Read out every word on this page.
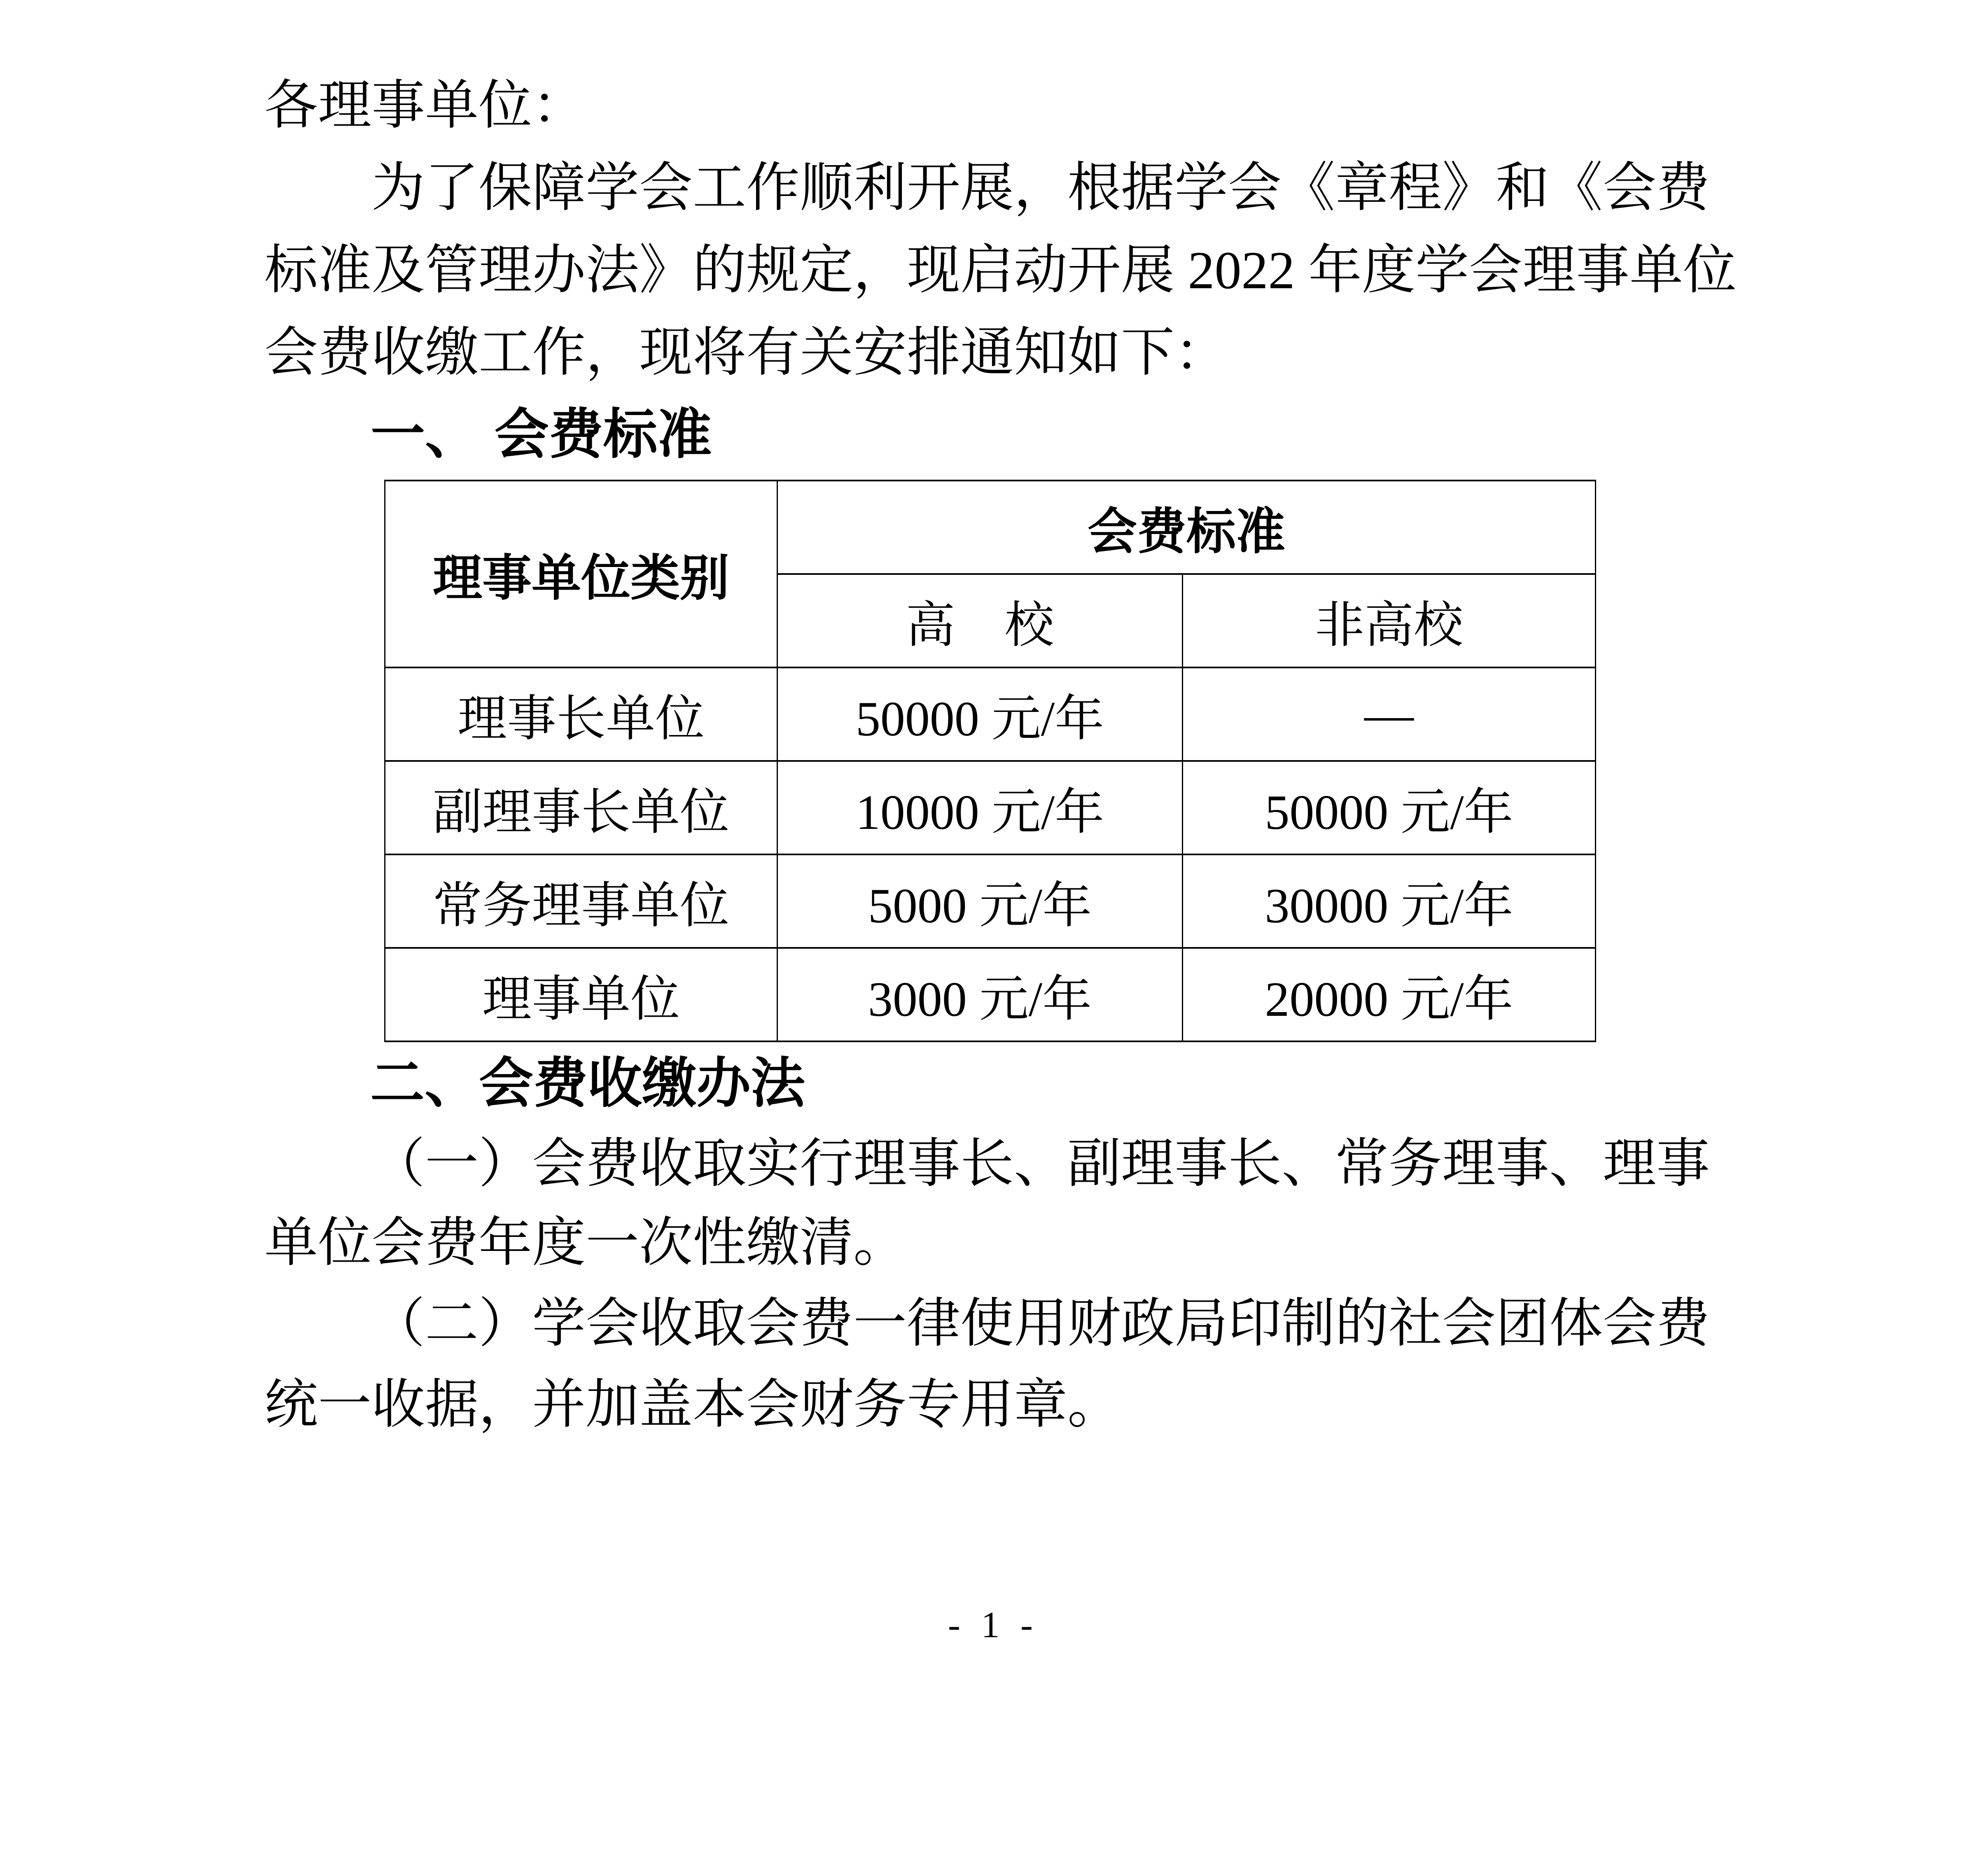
各理事单位：
为了保障学会工作顺利开展，根据学会《章程》和《会费
标准及管理办法》的规定，现启动开展 2022 年度学会理事单位
会费收缴工作，现将有关安排通知如下：
一、 会费标准
理事单位类别	会费标准	
	高　校	非高校
理事长单位	50000 元/年	—
副理事长单位	10000 元/年	50000 元/年
常务理事单位	5000 元/年	30000 元/年
理事单位	3000 元/年	20000 元/年
二、会费收缴办法
（一）会费收取实行理事长、副理事长、常务理事、理事
单位会费年度一次性缴清。
（二）学会收取会费一律使用财政局印制的社会团体会费
统一收据，并加盖本会财务专用章。
- 1 -
